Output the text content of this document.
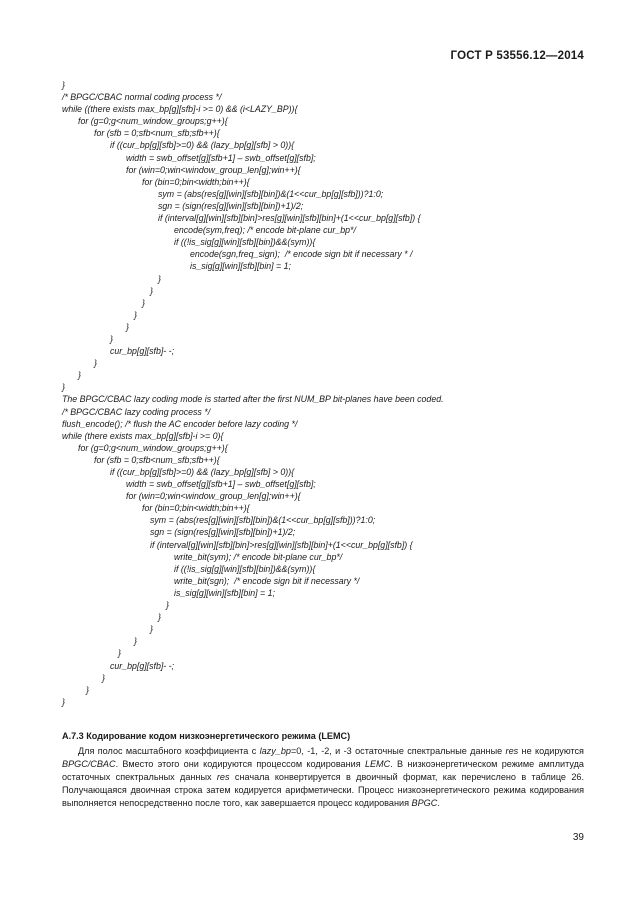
ГОСТ Р 53556.12—2014
}
/* BPGC/CBAC normal coding process */
while ((there exists max_bp[g][sfb]-i >= 0) && (i<LAZY_BP)){
for (g=0;g<num_window_groups;g++){
for (sfb = 0;sfb<num_sfb;sfb++){
if ((cur_bp[g][sfb]>=0) && (lazy_bp[g][sfb] > 0)){
width = swb_offset[g][sfb+1] – swb_offset[g][sfb];
for (win=0;win<window_group_len[g];win++){
for (bin=0;bin<width;bin++){
sym = (abs(res[g][win][sfb][bin])&(1<<cur_bp[g][sfb]))?1:0;
sgn = (sign(res[g][win][sfb][bin])+1)/2;
if (interval[g][win][sfb][bin]>res[g][win][sfb][bin]+(1<<cur_bp[g][sfb]) {
encode(sym,freq); /* encode bit-plane cur_bp*/
if ((!is_sig[g][win][sfb][bin])&&(sym)){
encode(sgn,freq_sign);  /* encode sign bit if necessary * /
is_sig[g][win][sfb][bin] = 1;
}
}
}
}
}
}
cur_bp[g][sfb]- -;
}
}
}
The BPGC/CBAC lazy coding mode is started after the first NUM_BP bit-planes have been coded.
/* BPGC/CBAC lazy coding process */
flush_encode(); /* flush the AC encoder before lazy coding */
while (there exists max_bp[g][sfb]-i >= 0){
for (g=0;g<num_window_groups;g++){
for (sfb = 0;sfb<num_sfb;sfb++){
if ((cur_bp[g][sfb]>=0) && (lazy_bp[g][sfb] > 0)){
width = swb_offset[g][sfb+1] – swb_offset[g][sfb];
for (win=0;win<window_group_len[g];win++){
for (bin=0;bin<width;bin++){
sym = (abs(res[g][win][sfb][bin])&(1<<cur_bp[g][sfb]))?1:0;
sgn = (sign(res[g][win][sfb][bin])+1)/2;
if (interval[g][win][sfb][bin]>res[g][win][sfb][bin]+(1<<cur_bp[g][sfb]) {
write_bit(sym); /* encode bit-plane cur_bp*/
if ((!is_sig[g][win][sfb][bin])&&(sym)){
write_bit(sgn);  /* encode sign bit if necessary */
is_sig[g][win][sfb][bin] = 1;
}
}
}
}
}
cur_bp[g][sfb]- -;
}
}
}
A.7.3 Кодирование кодом низкоэнергетического режима (LEMC)
Для полос масштабного коэффициента с lazy_bp=0, -1, -2, и -3 остаточные спектральные данные res не кодируются BPGC/CBAC. Вместо этого они кодируются процессом кодирования LEMC. В низкоэнергетическом режиме амплитуда остаточных спектральных данных res сначала конвертируется в двоичный формат, как перечислено в таблице 26. Получающаяся двоичная строка затем кодируется арифметически. Процесс низкоэнергетического режима кодирования выполняется непосредственно после того, как завершается процесс кодирования BPGC.
39
